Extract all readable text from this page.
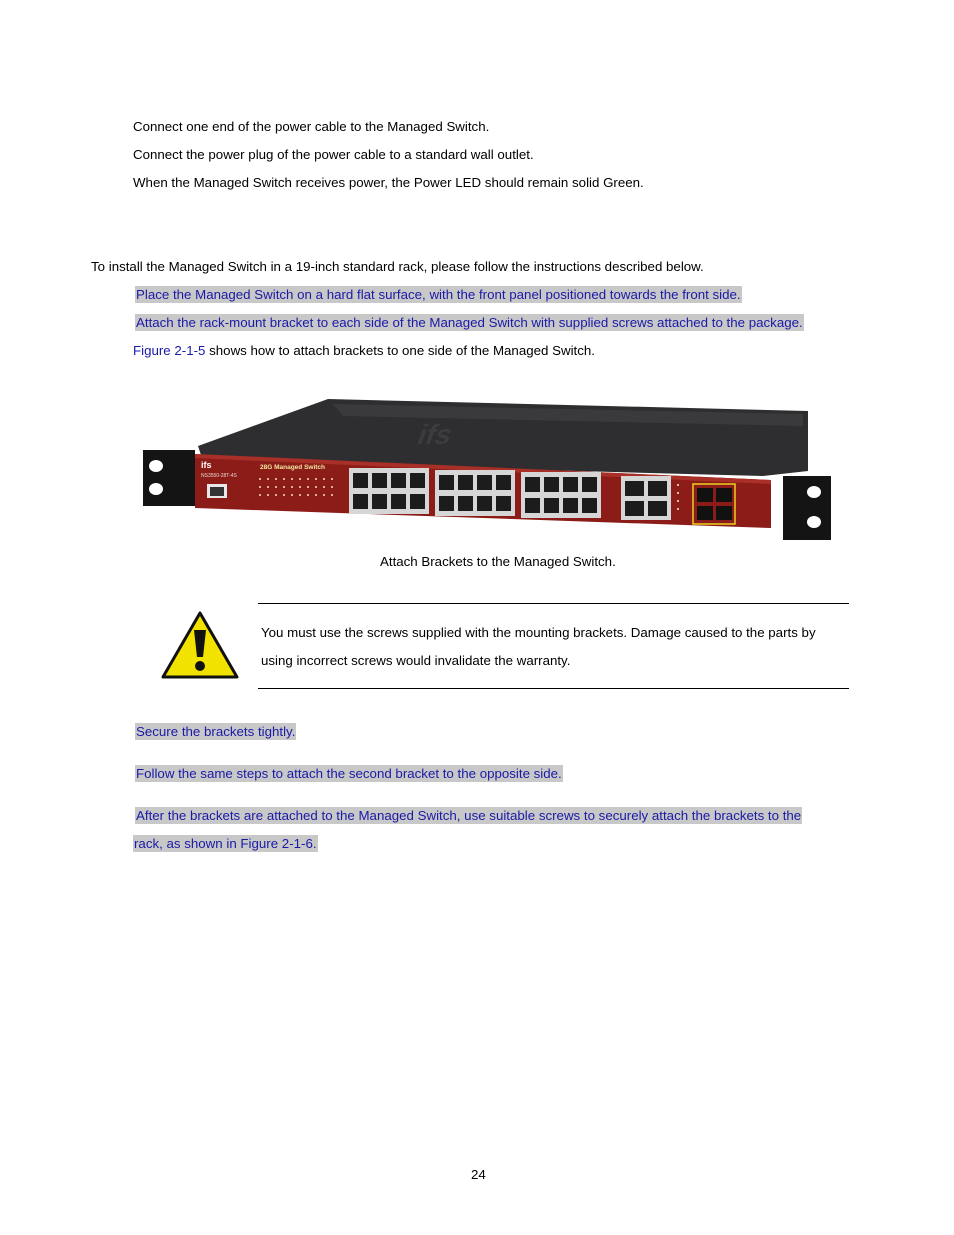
Connect one end of the power cable to the Managed Switch.
Connect the power plug of the power cable to a standard wall outlet.
When the Managed Switch receives power, the Power LED should remain solid Green.
To install the Managed Switch in a 19-inch standard rack, please follow the instructions described below.
Place the Managed Switch on a hard flat surface, with the front panel positioned towards the front side.
Attach the rack-mount bracket to each side of the Managed Switch with supplied screws attached to the package.
Figure 2-1-5 shows how to attach brackets to one side of the Managed Switch.
ifs
ifs
NS3550-28T-4S
28G Managed Switch
Attach Brackets to the Managed Switch.
You must use the screws supplied with the mounting brackets. Damage caused to the parts by
using incorrect screws would invalidate the warranty.
Secure the brackets tightly.
Follow the same steps to attach the second bracket to the opposite side.
After the brackets are attached to the Managed Switch, use suitable screws to securely attach the brackets to the
rack, as shown in Figure 2-1-6.
24
